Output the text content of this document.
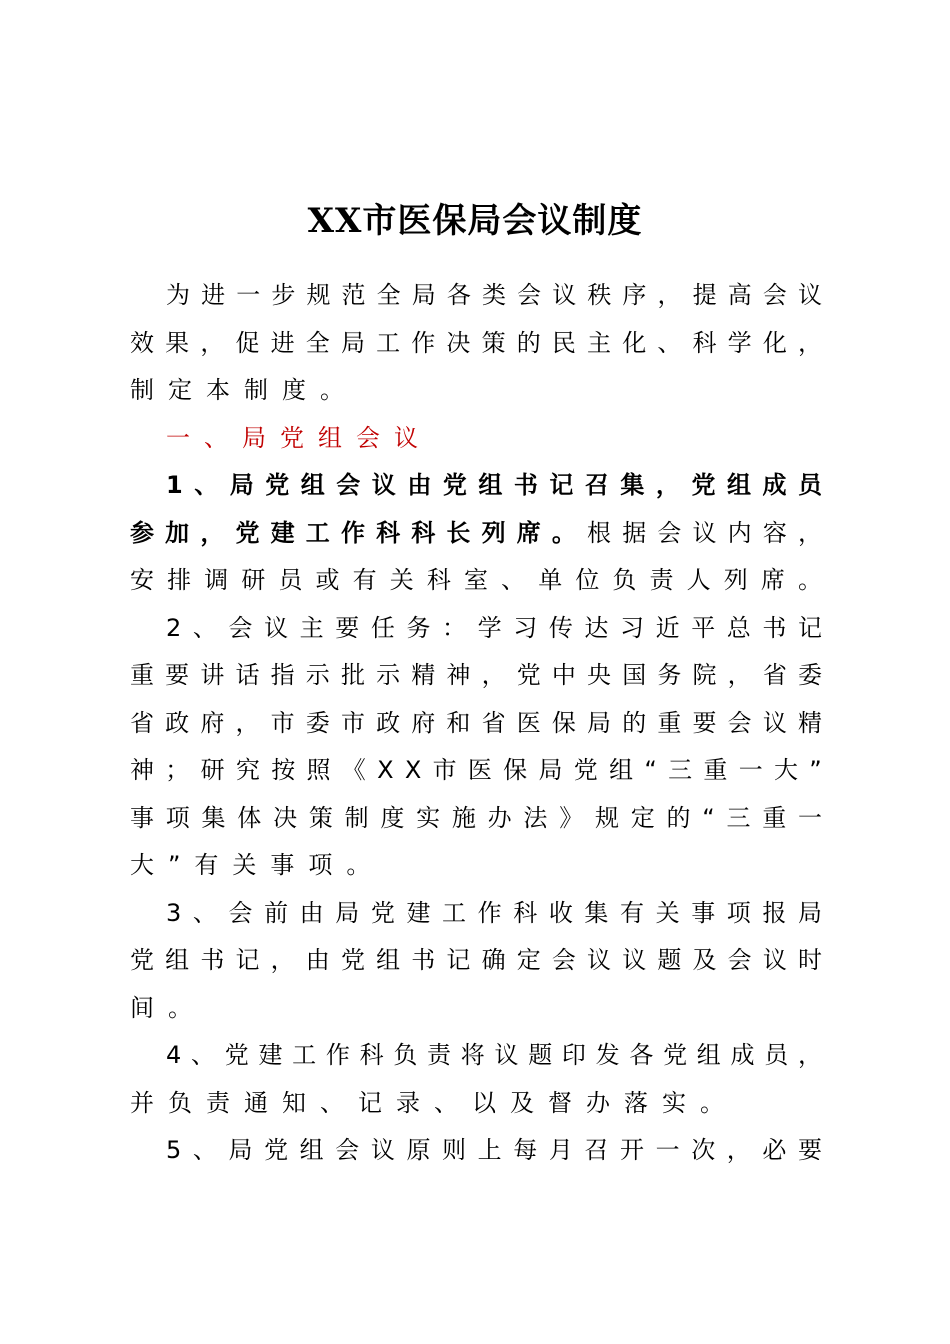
XX市医保局会议制度
为 进 一 步 规 范 全 局 各 类 会 议 秩 序 ， 提 高 会 议
效 果 ， 促 进 全 局 工 作 决 策 的 民 主 化 、 科 学 化 ，
制定本制度。
一、局党组会议
1 、 局 党 组 会 议 由 党 组 书 记 召 集 ， 党 组 成 员
参 加 ， 党 建 工 作 科 科 长 列 席 。 根 据 会 议 内 容 ，
安 排 调 研 员 或 有 关 科 室 、 单 位 负 责 人 列 席 。
2 、 会 议 主 要 任 务 ： 学 习 传 达 习 近 平 总 书 记
重 要 讲 话 指 示 批 示 精 神 ， 党 中 央 国 务 院 ， 省 委
省 政 府 ， 市 委 市 政 府 和 省 医 保 局 的 重 要 会 议 精
神 ； 研 究 按 照 《 X X 市 医 保 局 党 组 “ 三 重 一 大 ”
事 项 集 体 决 策 制 度 实 施 办 法 》 规 定 的 “ 三 重 一
大”有关事项。
3 、 会 前 由 局 党 建 工 作 科 收 集 有 关 事 项 报 局
党 组 书 记 ， 由 党 组 书 记 确 定 会 议 议 题 及 会 议 时
间。
4 、 党 建 工 作 科 负 责 将 议 题 印 发 各 党 组 成 员 ，
并负责通知、记录、以及督办落实。
5 、 局 党 组 会 议 原 则 上 每 月 召 开 一 次 ， 必 要
